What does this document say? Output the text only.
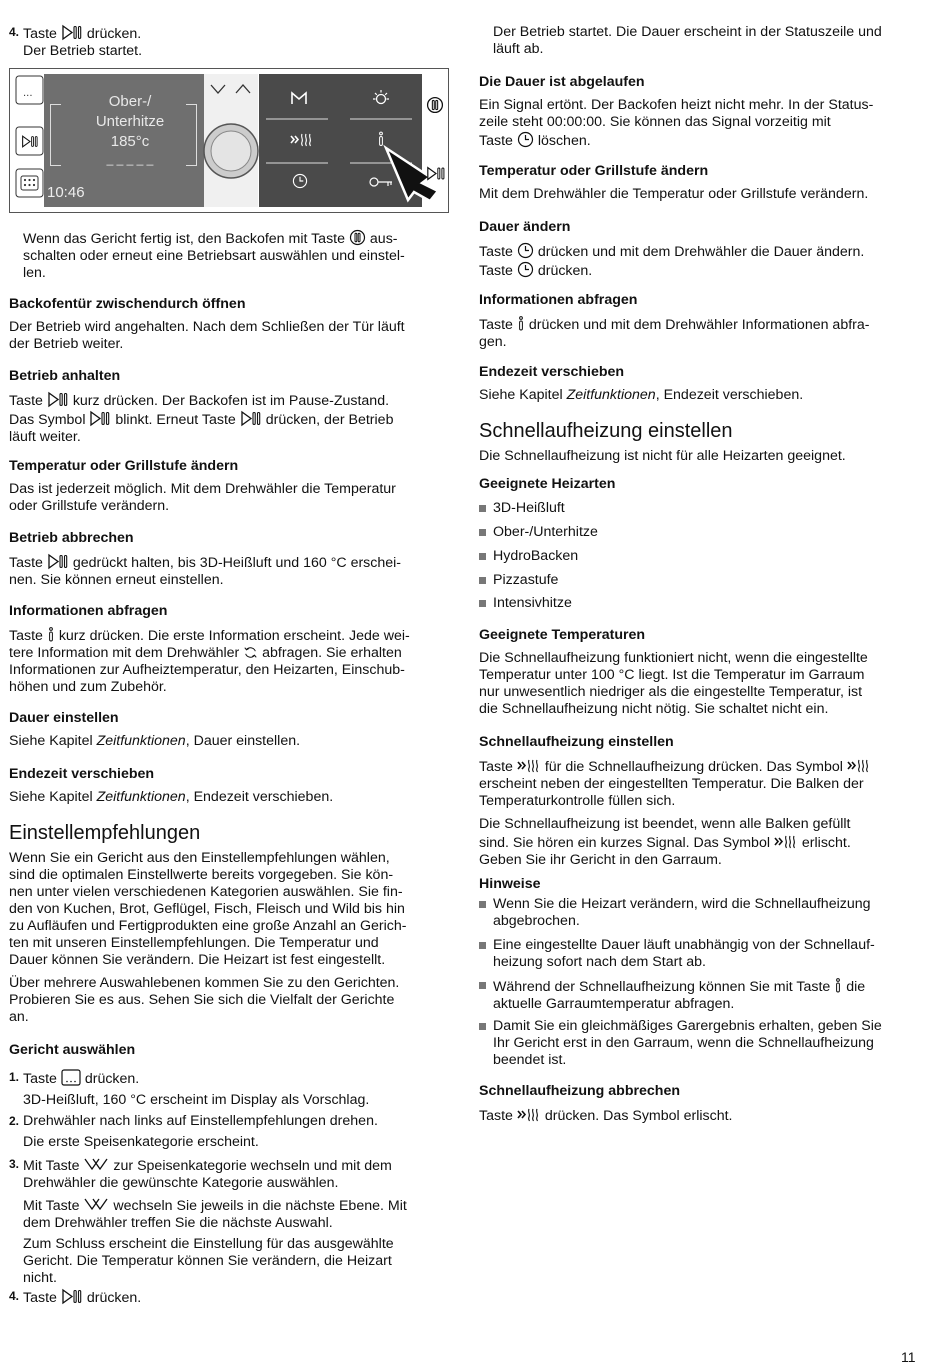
4. Taste drücken.

Der Betrieb startet.

Wenn das Gericht fertig ist, den Backofen mit Taste aus-

schalten oder erneut eine Betriebsart auswählen und einstel-

len.

Backofentür zwischendurch öffnen

Der Betrieb wird angehalten. Nach dem Schließen der Tür läuft

der Betrieb weiter.

Betrieb anhalten

Taste kurz drücken. Der Backofen ist im Pause-Zustand.

Das Symbol blinkt. Erneut Taste drücken, der Betrieb

läuft weiter.

Temperatur oder Grillstufe ändern

Das ist jederzeit möglich. Mit dem Drehwähler die Temperatur

oder Grillstufe verändern.

Betrieb abbrechen

Taste gedrückt halten, bis 3D-Heißluft und 160 °C erschei-

nen. Sie können erneut einstellen.

Informationen abfragen

Taste kurz drücken. Die erste Information erscheint. Jede wei-

tere Information mit dem Drehwähler abfragen. Sie erhalten

Informationen zur Aufheiztemperatur, den Heizarten, Einschub-

höhen und zum Zubehör.

Dauer einstellen

Siehe Kapitel Zeitfunktionen, Dauer einstellen.

Endezeit verschieben

Siehe Kapitel Zeitfunktionen, Endezeit verschieben.

Einstellempfehlungen

Wenn Sie ein Gericht aus den Einstellempfehlungen wählen,

sind die optimalen Einstellwerte bereits vorgegeben. Sie kön-

nen unter vielen verschiedenen Kategorien auswählen. Sie fin-

den von Kuchen, Brot, Geflügel, Fisch, Fleisch und Wild bis hin

zu Aufläufen und Fertigprodukten eine große Anzahl an Gerich-

ten mit unseren Einstellempfehlungen. Die Temperatur und

Dauer können Sie verändern. Die Heizart ist fest eingestellt.

Über mehrere Auswahlebenen kommen Sie zu den Gerichten.

Probieren Sie es aus. Sehen Sie sich die Vielfalt der Gerichte

an.

Gericht auswählen

1. Taste drücken.

3D-Heißluft, 160 °C erscheint im Display als Vorschlag.

2. Drehwähler nach links auf Einstellempfehlungen drehen.

Die erste Speisenkategorie erscheint.

3. Mit Taste zur Speisenkategorie wechseln und mit dem

Drehwähler die gewünschte Kategorie auswählen.

Mit Taste wechseln Sie jeweils in die nächste Ebene. Mit

dem Drehwähler treffen Sie die nächste Auswahl.

Zum Schluss erscheint die Einstellung für das ausgewählte

Gericht. Die Temperatur können Sie verändern, die Heizart

nicht.

4. Taste drücken.

...	Ober-/
Unterhitze
185°c
_ _ _ _ _
10:46

Der Betrieb startet. Die Dauer erscheint in der Statuszeile und

läuft ab.

Die Dauer ist abgelaufen

Ein Signal ertönt. Der Backofen heizt nicht mehr. In der Status-

zeile steht 00:00:00. Sie können das Signal vorzeitig mit

Taste löschen.

Temperatur oder Grillstufe ändern

Mit dem Drehwähler die Temperatur oder Grillstufe verändern.

Dauer ändern

Taste drücken und mit dem Drehwähler die Dauer ändern.

Taste drücken.

Informationen abfragen

Taste drücken und mit dem Drehwähler Informationen abfra-

gen.

Endezeit verschieben

Siehe Kapitel Zeitfunktionen, Endezeit verschieben.

Schnellaufheizung einstellen

Die Schnellaufheizung ist nicht für alle Heizarten geeignet.

Geeignete Heizarten

3D-Heißluft
Ober-/Unterhitze
HydroBacken
Pizzastufe
Intensivhitze

Geeignete Temperaturen

Die Schnellaufheizung funktioniert nicht, wenn die eingestellte

Temperatur unter 100 °C liegt. Ist die Temperatur im Garraum

nur unwesentlich niedriger als die eingestellte Temperatur, ist

die Schnellaufheizung nicht nötig. Sie schaltet nicht ein.

Schnellaufheizung einstellen

Taste für die Schnellaufheizung drücken. Das Symbol

erscheint neben der eingestellten Temperatur. Die Balken der

Temperaturkontrolle füllen sich.

Die Schnellaufheizung ist beendet, wenn alle Balken gefüllt

sind. Sie hören ein kurzes Signal. Das Symbol erlischt.

Geben Sie ihr Gericht in den Garraum.

Hinweise

Wenn Sie die Heizart verändern, wird die Schnellaufheizung

abgebrochen.

Eine eingestellte Dauer läuft unabhängig von der Schnellauf-

heizung sofort nach dem Start ab.

Während der Schnellaufheizung können Sie mit Taste die

aktuelle Garraumtemperatur abfragen.

Damit Sie ein gleichmäßiges Garergebnis erhalten, geben Sie

Ihr Gericht erst in den Garraum, wenn die Schnellaufheizung

beendet ist.

Schnellaufheizung abbrechen

Taste drücken. Das Symbol erlischt.

11
